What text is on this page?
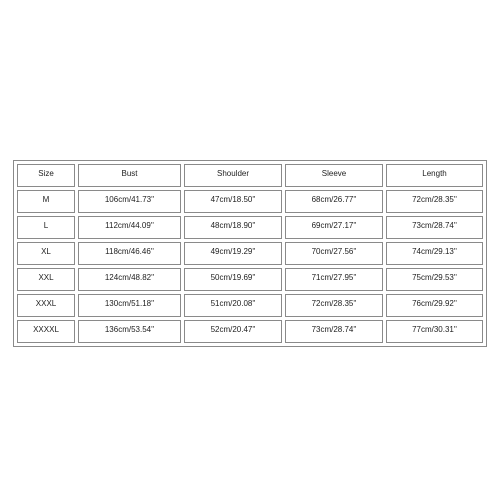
Size	Bust	Shoulder	Sleeve	Length
M	106cm/41.73''	47cm/18.50''	68cm/26.77''	72cm/28.35''
L	112cm/44.09''	48cm/18.90''	69cm/27.17''	73cm/28.74''
XL	118cm/46.46''	49cm/19.29''	70cm/27.56''	74cm/29.13''
XXL	124cm/48.82''	50cm/19.69''	71cm/27.95''	75cm/29.53''
XXXL	130cm/51.18''	51cm/20.08''	72cm/28.35''	76cm/29.92''
XXXXL	136cm/53.54''	52cm/20.47''	73cm/28.74''	77cm/30.31''
